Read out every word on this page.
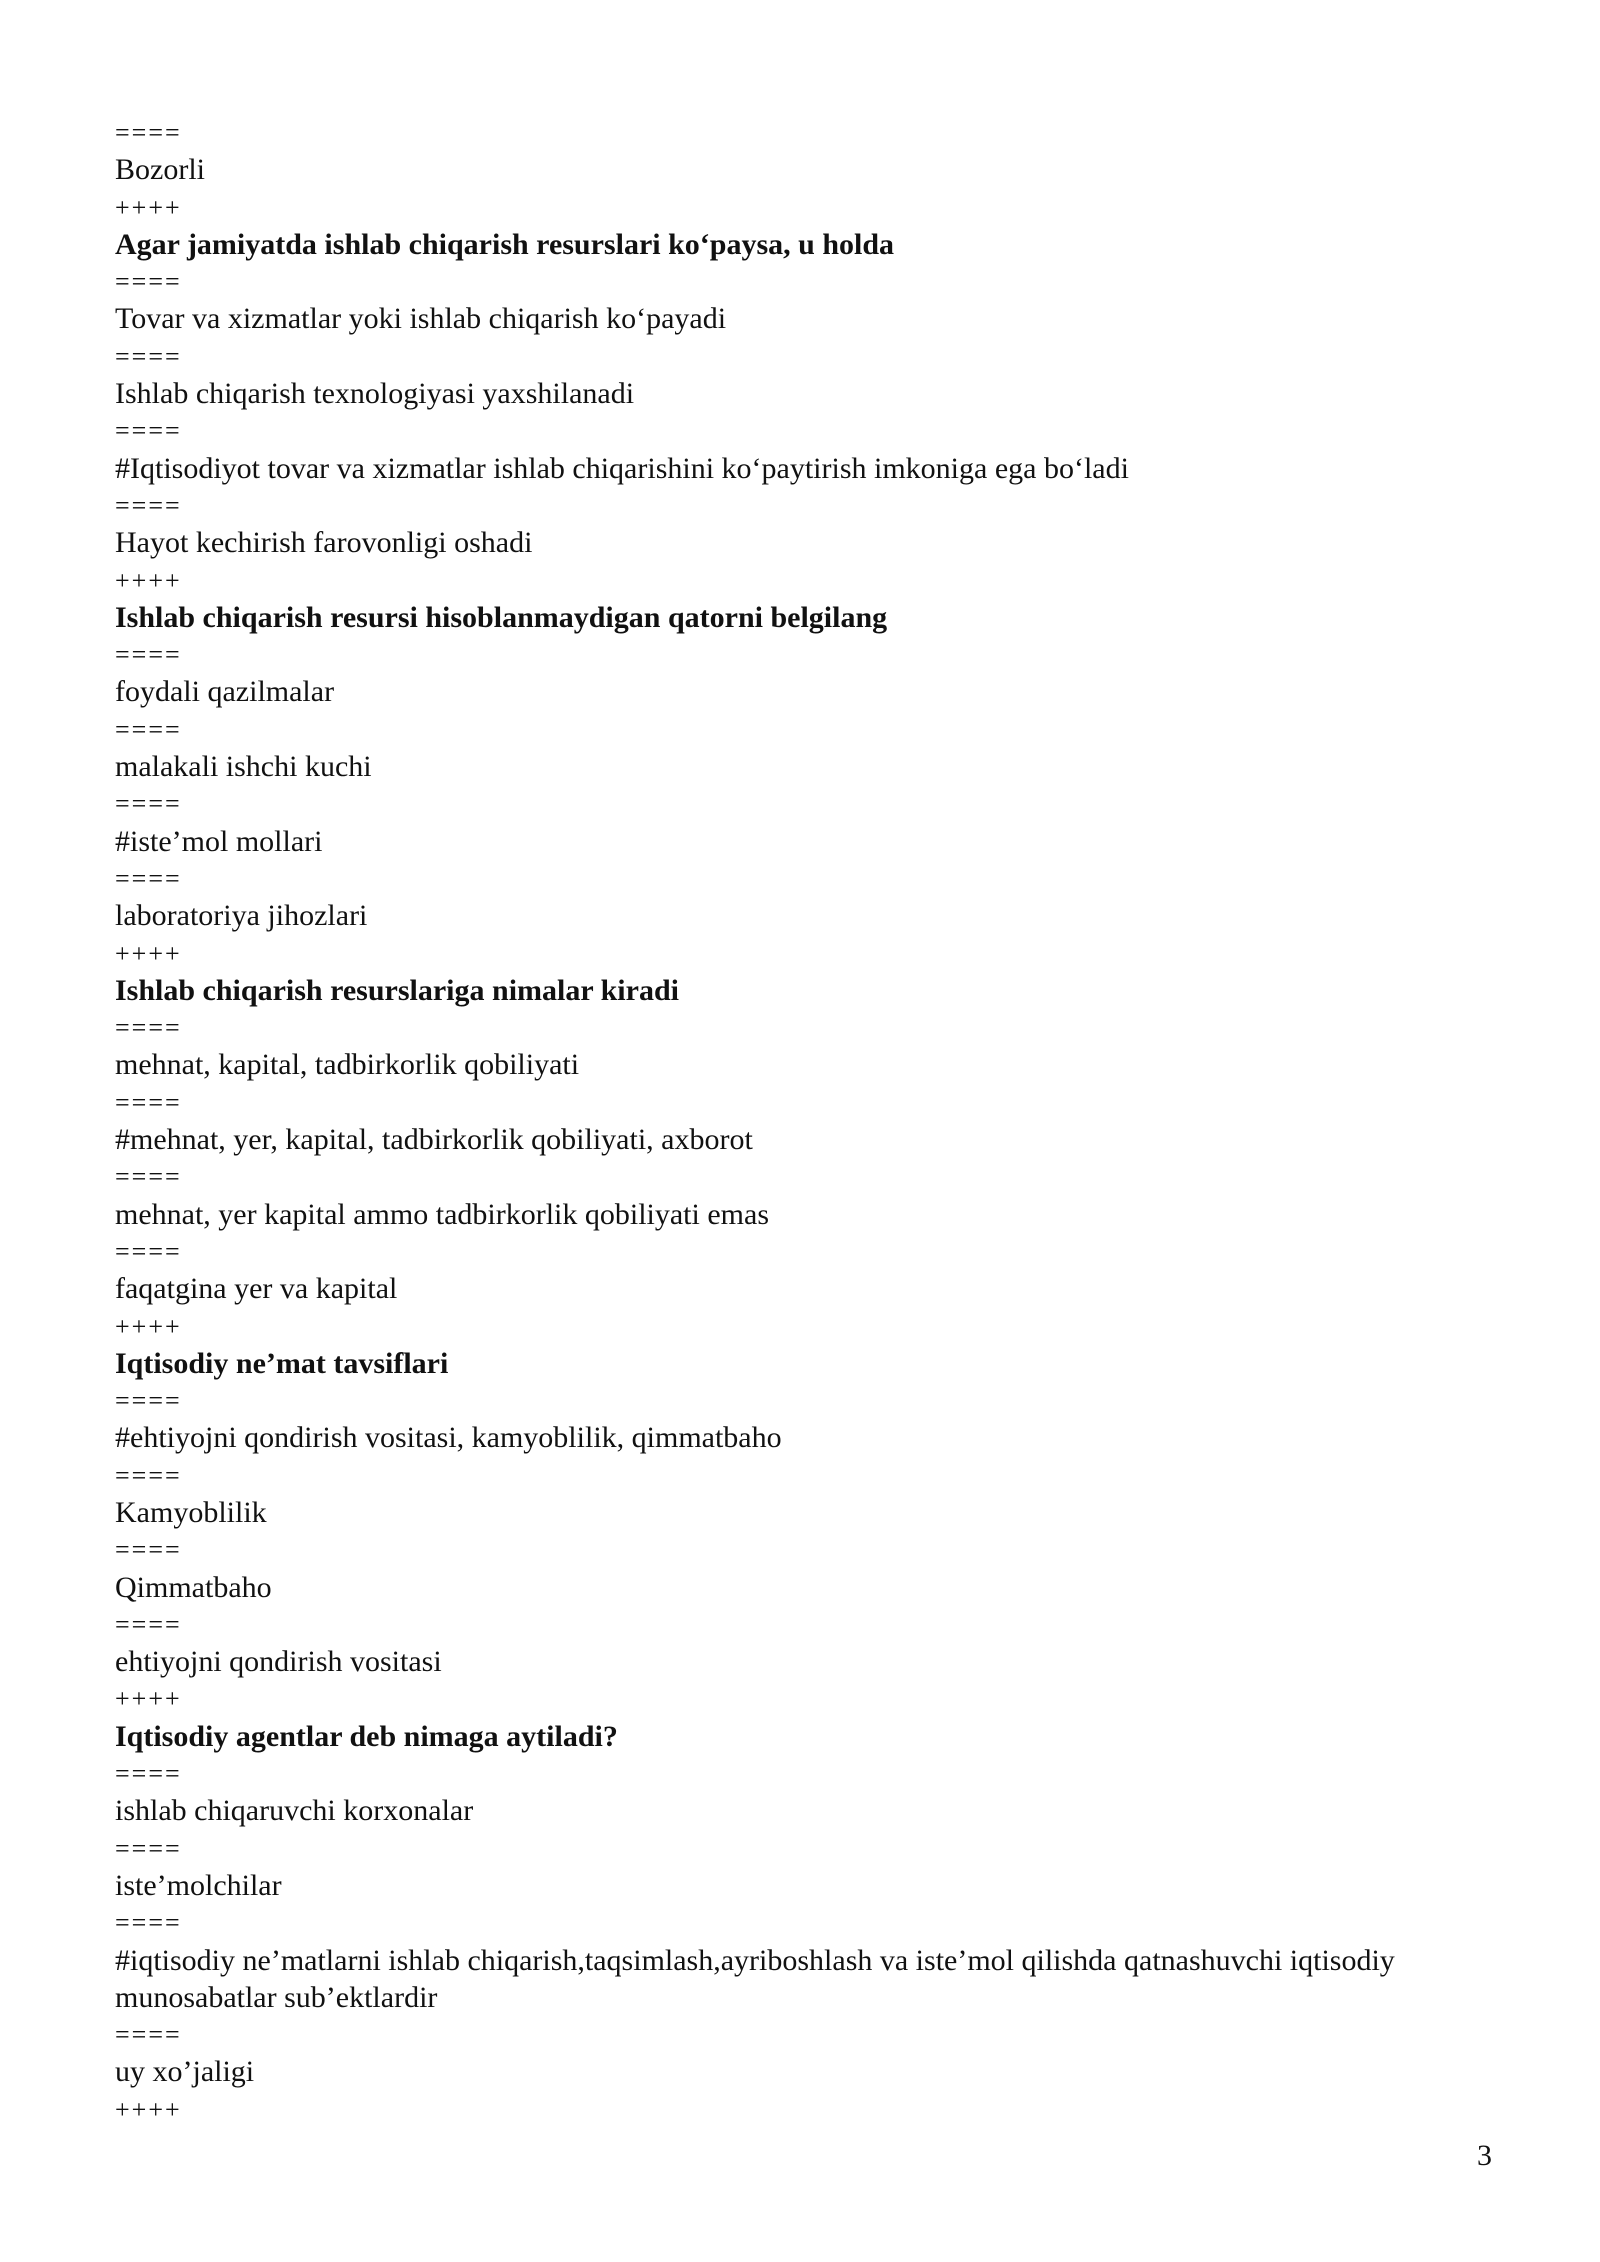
====
Bozorli
++++
Agar jamiyatda ishlab chiqarish resurslari ko‘paysa, u holda
====
Tovar va xizmatlar yoki ishlab chiqarish ko‘payadi
====
Ishlab chiqarish texnologiyasi yaxshilanadi
====
#Iqtisodiyot tovar va xizmatlar ishlab chiqarishini ko‘paytirish imkoniga ega bo‘ladi
====
Hayot kechirish farovonligi oshadi
++++
Ishlab chiqarish resursi hisoblanmaydigan qatorni belgilang
====
foydali qazilmalar
====
malakali ishchi kuchi
====
#iste’mol mollari
====
laboratoriya jihozlari
++++
Ishlab chiqarish resurslariga nimalar kiradi
====
mehnat, kapital, tadbirkorlik qobiliyati
====
#mehnat, yer, kapital, tadbirkorlik qobiliyati, axborot
====
mehnat, yer kapital ammo tadbirkorlik qobiliyati emas
====
faqatgina yer va kapital
++++
Iqtisodiy ne’mat tavsiflari
====
#ehtiyojni qondirish vositasi, kamyoblilik, qimmatbaho
====
Kamyoblilik
====
Qimmatbaho
====
ehtiyojni qondirish vositasi
++++
Iqtisodiy agentlar deb nimaga aytiladi?
====
ishlab chiqaruvchi korxonalar
====
iste’molchilar
====
#iqtisodiy ne’matlarni ishlab chiqarish,taqsimlash,ayriboshlash va iste’mol qilishda qatnashuvchi iqtisodiy munosabatlar sub’ektlardir
====
uy xo’jaligi
++++
3
